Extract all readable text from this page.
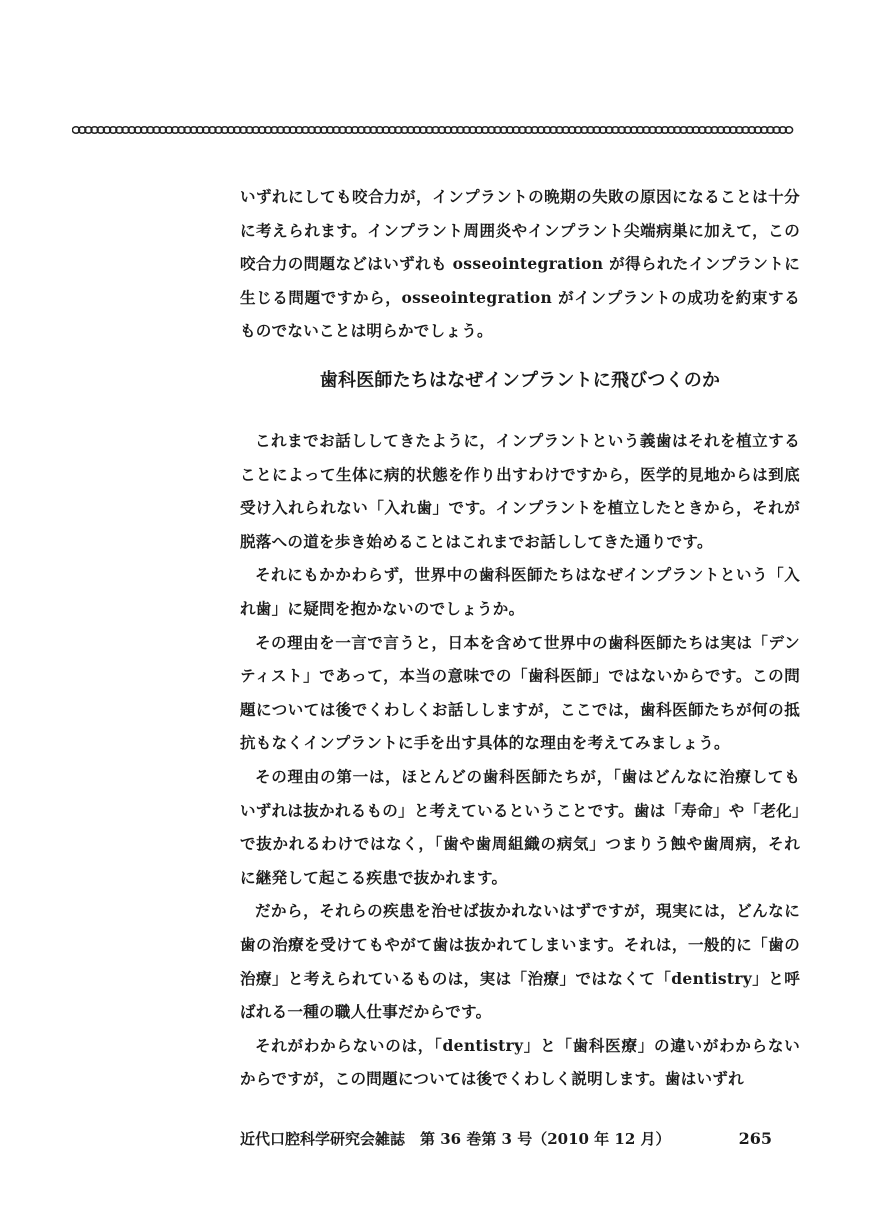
いずれにしても咬合力が，インプラントの晩期の失敗の原因になることは十分に考えられます。インプラント周囲炎やインプラント尖端病巣に加えて，この咬合力の問題などはいずれも osseointegration が得られたインプラントに生じる問題ですから，osseointegration がインプラントの成功を約束するものでないことは明らかでしょう。

歯科医師たちはなぜインプラントに飛びつくのか

これまでお話ししてきたように，インプラントという義歯はそれを植立することによって生体に病的状態を作り出すわけですから，医学的見地からは到底受け入れられない「入れ歯」です。インプラントを植立したときから，それが脱落への道を歩き始めることはこれまでお話ししてきた通りです。

それにもかかわらず，世界中の歯科医師たちはなぜインプラントという「入れ歯」に疑問を抱かないのでしょうか。

その理由を一言で言うと，日本を含めて世界中の歯科医師たちは実は「デンティスト」であって，本当の意味での「歯科医師」ではないからです。この問題については後でくわしくお話ししますが，ここでは，歯科医師たちが何の抵抗もなくインプラントに手を出す具体的な理由を考えてみましょう。

その理由の第一は，ほとんどの歯科医師たちが，「歯はどんなに治療してもいずれは抜かれるもの」と考えているということです。歯は「寿命」や「老化」で抜かれるわけではなく，「歯や歯周組織の病気」つまりう蝕や歯周病，それに継発して起こる疾患で抜かれます。

だから，それらの疾患を治せば抜かれないはずですが，現実には，どんなに歯の治療を受けてもやがて歯は抜かれてしまいます。それは，一般的に「歯の治療」と考えられているものは，実は「治療」ではなくて「dentistry」と呼ばれる一種の職人仕事だからです。

それがわからないのは，「dentistry」と「歯科医療」の違いがわからないからですが，この問題については後でくわしく説明します。歯はいずれ

近代口腔科学研究会雑誌　第 36 巻第 3 号（2010 年 12 月）	265
